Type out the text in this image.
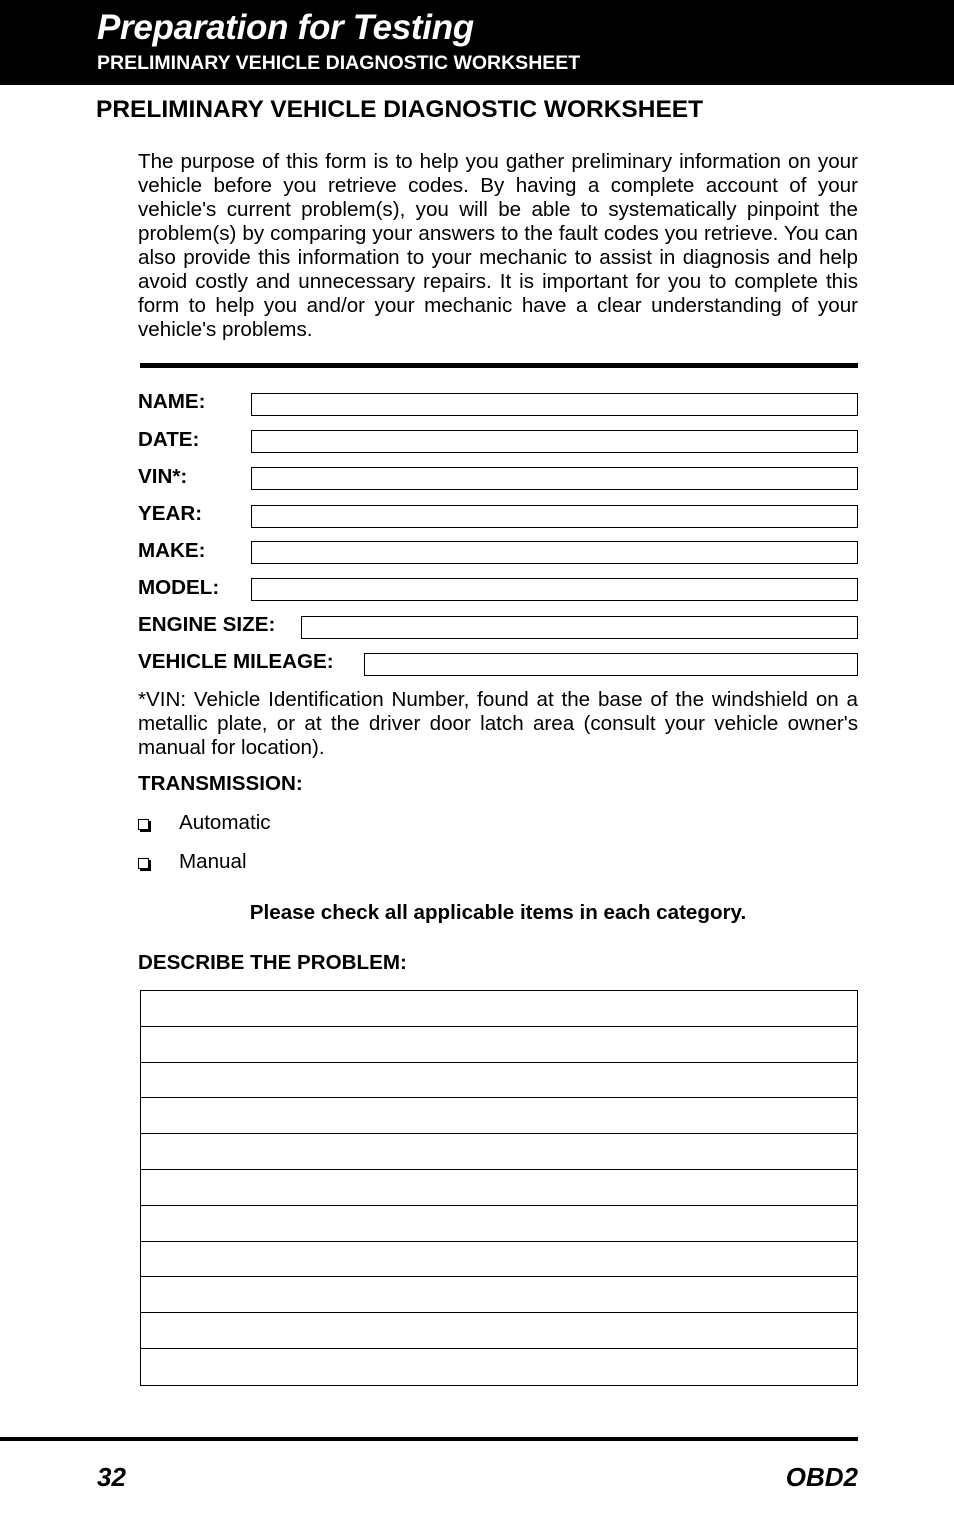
Preparation for Testing
PRELIMINARY VEHICLE DIAGNOSTIC WORKSHEET
PRELIMINARY VEHICLE DIAGNOSTIC WORKSHEET
The purpose of this form is to help you gather preliminary information on your vehicle before you retrieve codes. By having a complete account of your vehicle's current problem(s), you will be able to systematically pinpoint the problem(s) by comparing your answers to the fault codes you retrieve. You can also provide this information to your mechanic to assist in diagnosis and help avoid costly and unnecessary repairs. It is important for you to complete this form to help you and/or your mechanic have a clear understanding of your vehicle's problems.
NAME:
DATE:
VIN*:
YEAR:
MAKE:
MODEL:
ENGINE SIZE:
VEHICLE MILEAGE:
*VIN: Vehicle Identification Number, found at the base of the windshield on a metallic plate, or at the driver door latch area (consult your vehicle owner's manual for location).
TRANSMISSION:
Automatic
Manual
Please check all applicable items in each category.
DESCRIBE THE PROBLEM:
32	OBD2
